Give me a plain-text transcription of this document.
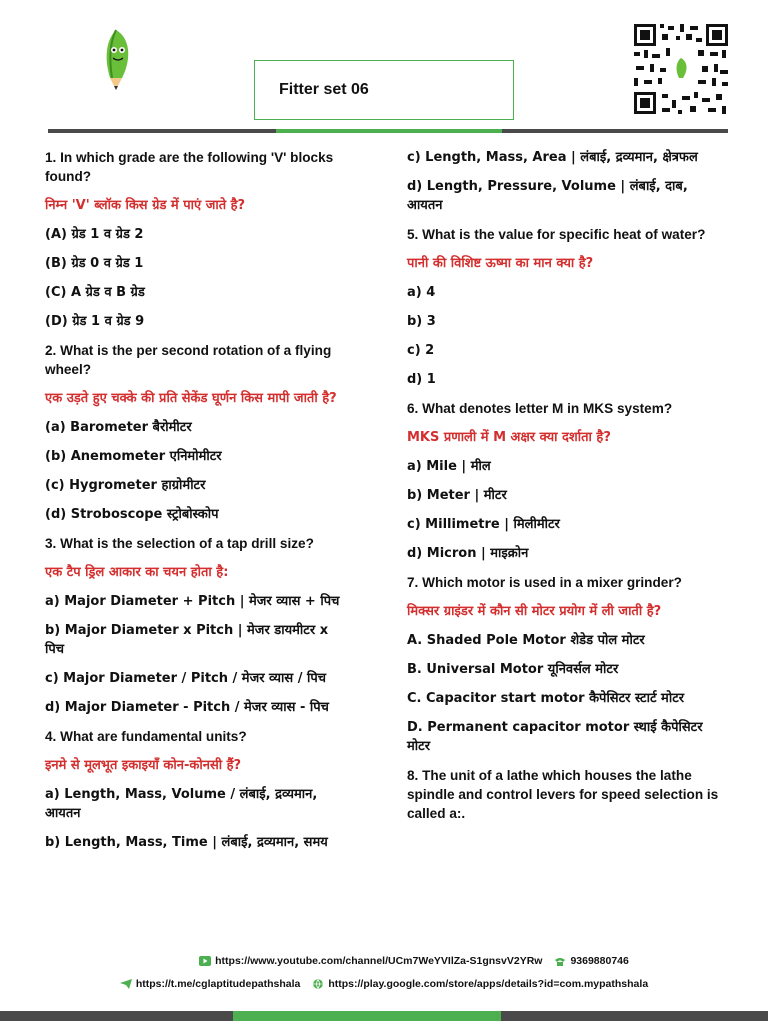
Fitter set 06
1. In which grade are the following 'V' blocks found?
निम्न 'V' ब्लॉक किस ग्रेड में पाएं जाते है?
(A) ग्रेड 1 व ग्रेड 2
(B) ग्रेड 0 व ग्रेड 1
(C) A ग्रेड व B ग्रेड
(D) ग्रेड 1 व ग्रेड 9
2. What is the per second rotation of a flying wheel?
एक उड़ते हुए चक्के की प्रति सेकेंड घूर्णन किस मापी जाती है?
(a) Barometer बैरोमीटर
(b) Anemometer एनिमोमीटर
(c) Hygrometer हाग्रोमीटर
(d) Stroboscope स्ट्रोबोस्कोप
3. What is the selection of a tap drill size?
एक टैप ड्रिल आकार का चयन होता है:
a) Major Diameter + Pitch | मेजर व्यास + पिच
b) Major Diameter x Pitch | मेजर डायमीटर x पिच
c) Major Diameter / Pitch / मेजर व्यास / पिच
d) Major Diameter - Pitch / मेजर व्यास - पिच
4. What are fundamental units?
इनमे से मूलभूत इकाइयाँ कोन-कोनसी हैं?
a) Length, Mass, Volume / लंबाई, द्रव्यमान, आयतन
b) Length, Mass, Time | लंबाई, द्रव्यमान, समय
c) Length, Mass, Area | लंबाई, द्रव्यमान, क्षेत्रफल
d) Length, Pressure, Volume | लंबाई, दाब, आयतन
5. What is the value for specific heat of water?
पानी की विशिष्ट ऊष्मा का मान क्या है?
a) 4
b) 3
c) 2
d) 1
6. What denotes letter M in MKS system?
MKS प्रणाली में M अक्षर क्या दर्शाता है?
a) Mile | मील
b) Meter | मीटर
c) Millimetre | मिलीमीटर
d) Micron | माइक्रोन
7. Which motor is used in a mixer grinder?
मिक्सर ग्राइंडर में कौन सी मोटर प्रयोग में ली जाती है?
A. Shaded Pole Motor शेडेड पोल मोटर
B. Universal Motor यूनिवर्सल मोटर
C. Capacitor start motor कैपेसिटर स्टार्ट मोटर
D. Permanent capacitor motor स्थाई कैपेसिटर मोटर
8. The unit of a lathe which houses the lathe spindle and control levers for speed selection is called a:.
https://www.youtube.com/channel/UCm7WeYVIlZa-S1gnsvV2YRw	9369880746
https://t.me/cglaptitudepathshala	https://play.google.com/store/apps/details?id=com.mypathshala
